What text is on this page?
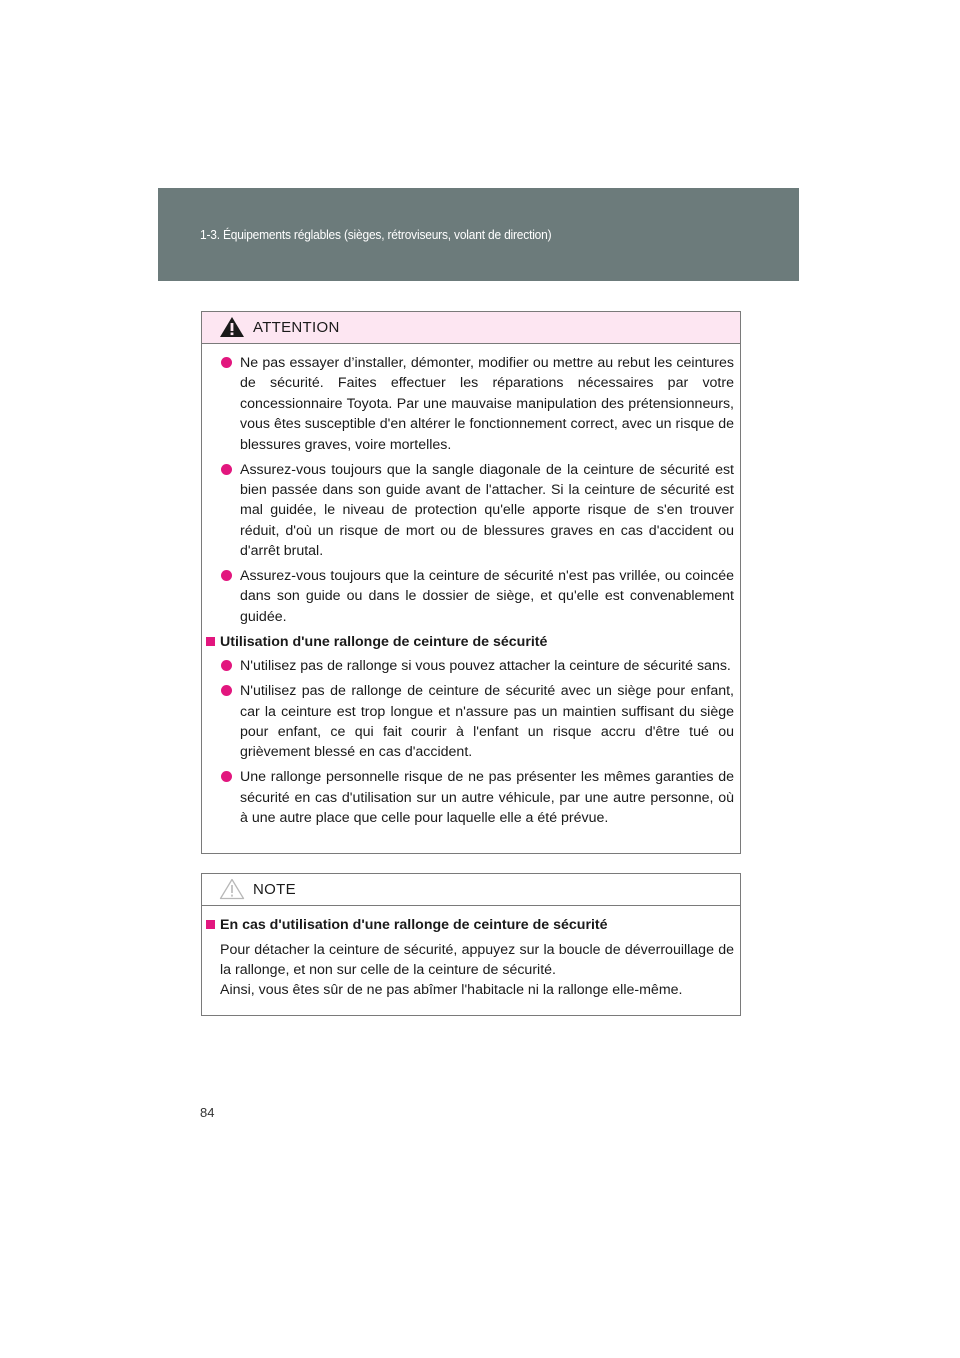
1-3. Équipements réglables (sièges, rétroviseurs, volant de direction)
ATTENTION
Ne pas essayer d’installer, démonter, modifier ou mettre au rebut les ceintures de sécurité. Faites effectuer les réparations nécessaires par votre concessionnaire Toyota. Par une mauvaise manipulation des prétensionneurs, vous êtes susceptible d'en altérer le fonctionnement correct, avec un risque de blessures graves, voire mortelles.
Assurez-vous toujours que la sangle diagonale de la ceinture de sécurité est bien passée dans son guide avant de l'attacher. Si la ceinture de sécurité est mal guidée, le niveau de protection qu'elle apporte risque de s'en trouver réduit, d'où un risque de mort ou de blessures graves en cas d'accident ou d'arrêt brutal.
Assurez-vous toujours que la ceinture de sécurité n'est pas vrillée, ou coincée dans son guide ou dans le dossier de siège, et qu'elle est convenablement guidée.
Utilisation d'une rallonge de ceinture de sécurité
N'utilisez pas de rallonge si vous pouvez attacher la ceinture de sécurité sans.
N'utilisez pas de rallonge de ceinture de sécurité avec un siège pour enfant, car la ceinture est trop longue et n'assure pas un maintien suffisant du siège pour enfant, ce qui fait courir à l'enfant un risque accru d'être tué ou grièvement blessé en cas d'accident.
Une rallonge personnelle risque de ne pas présenter les mêmes garanties de sécurité en cas d'utilisation sur un autre véhicule, par une autre personne, où à une autre place que celle pour laquelle elle a été prévue.
NOTE
En cas d'utilisation d'une rallonge de ceinture de sécurité
Pour détacher la ceinture de sécurité, appuyez sur la boucle de déverrouillage de la rallonge, et non sur celle de la ceinture de sécurité.
Ainsi, vous êtes sûr de ne pas abîmer l'habitacle ni la rallonge elle-même.
84
